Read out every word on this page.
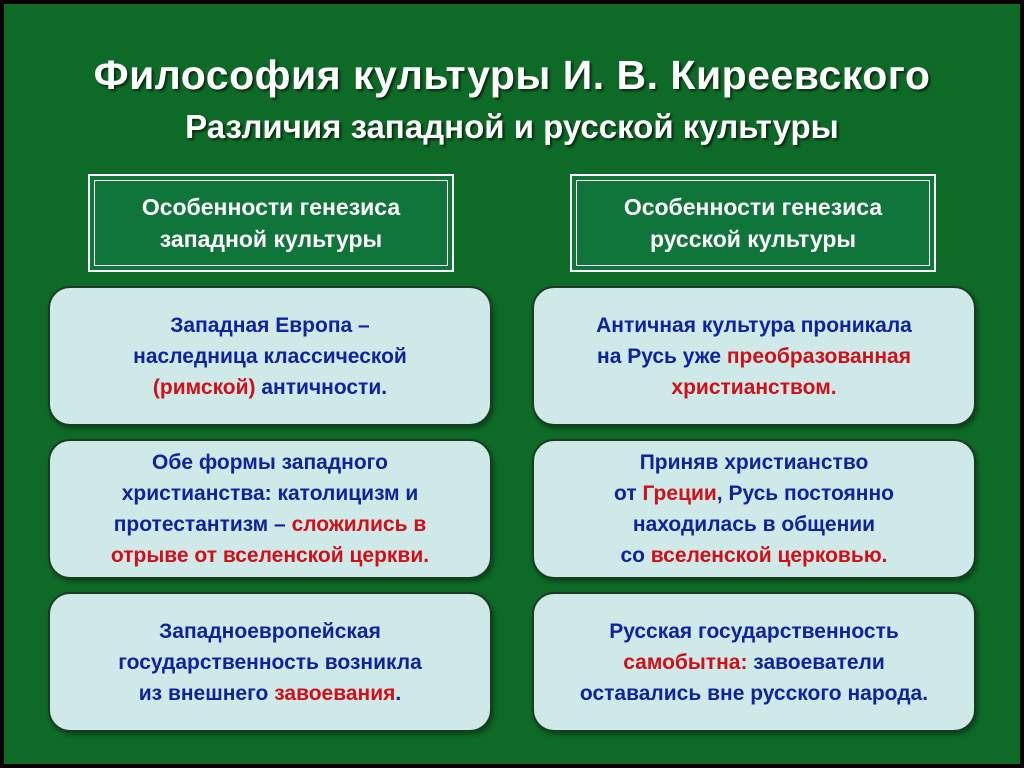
Философия культуры И. В. Киреевского
Различия западной и русской культуры
Особенности генезиса
западной культуры
Особенности генезиса
русской культуры
Западная Европа –
наследница классической
(римской) античности.
Обе формы западного
христианства: католицизм и
протестантизм – сложились в
отрыве от вселенской церкви.
Западноевропейская
государственность возникла
из внешнего завоевания.
Античная культура проникала
на Русь уже преобразованная
христианством.
Приняв христианство
от Греции, Русь постоянно
находилась в общении
со вселенской церковью.
Русская государственность
самобытна: завоеватели
оставались вне русского народа.
